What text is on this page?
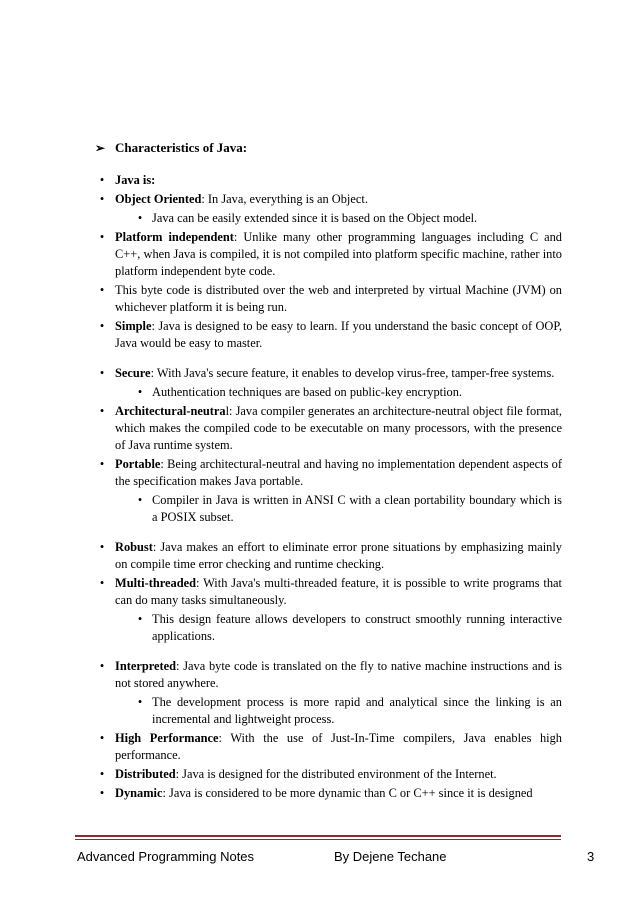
➢ Characteristics of Java:
• Java is:
• Object Oriented: In Java, everything is an Object.
• Java can be easily extended since it is based on the Object model.
• Platform independent: Unlike many other programming languages including C and C++, when Java is compiled, it is not compiled into platform specific machine, rather into platform independent byte code.
• This byte code is distributed over the web and interpreted by virtual Machine (JVM) on whichever platform it is being run.
• Simple: Java is designed to be easy to learn. If you understand the basic concept of OOP, Java would be easy to master.
• Secure: With Java's secure feature, it enables to develop virus-free, tamper-free systems.
• Authentication techniques are based on public-key encryption.
• Architectural-neutral: Java compiler generates an architecture-neutral object file format, which makes the compiled code to be executable on many processors, with the presence of Java runtime system.
• Portable: Being architectural-neutral and having no implementation dependent aspects of the specification makes Java portable.
• Compiler in Java is written in ANSI C with a clean portability boundary which is a POSIX subset.
• Robust: Java makes an effort to eliminate error prone situations by emphasizing mainly on compile time error checking and runtime checking.
• Multi-threaded: With Java's multi-threaded feature, it is possible to write programs that can do many tasks simultaneously.
• This design feature allows developers to construct smoothly running interactive applications.
• Interpreted: Java byte code is translated on the fly to native machine instructions and is not stored anywhere.
• The development process is more rapid and analytical since the linking is an incremental and lightweight process.
• High Performance: With the use of Just-In-Time compilers, Java enables high performance.
• Distributed: Java is designed for the distributed environment of the Internet.
• Dynamic: Java is considered to be more dynamic than C or C++ since it is designed
Advanced Programming Notes	By Dejene Techane	3
